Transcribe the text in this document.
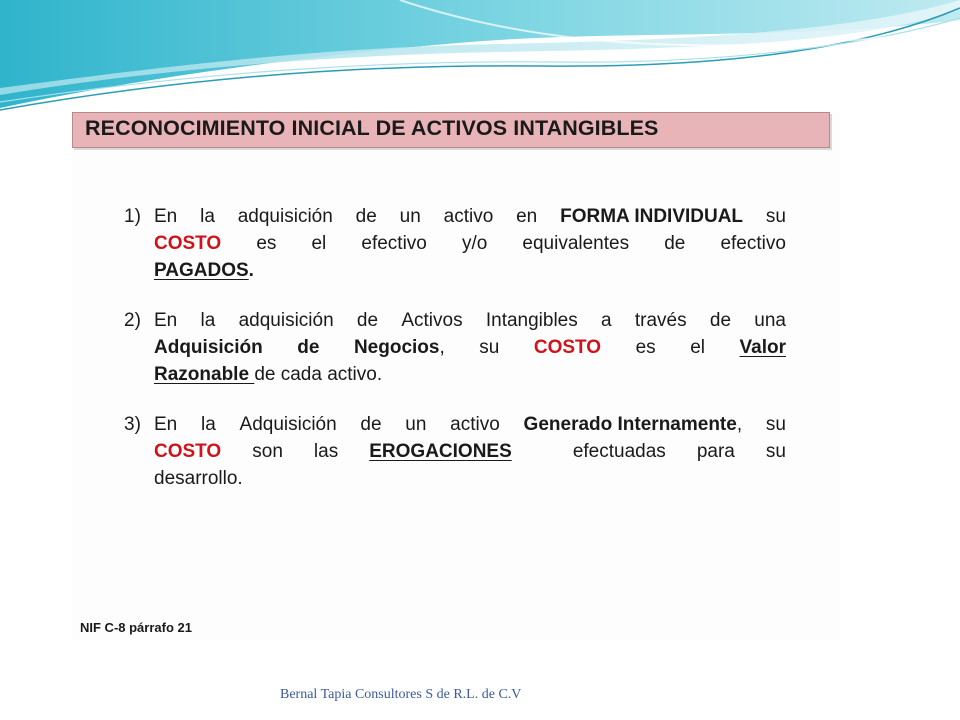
RECONOCIMIENTO INICIAL DE ACTIVOS INTANGIBLES
1) En la adquisición de un activo en FORMA INDIVIDUAL su
COSTO es el efectivo y/o equivalentes de efectivo
PAGADOS.
2) En la adquisición de Activos Intangibles a través de una
Adquisición de Negocios, su COSTO es el Valor
Razonable de cada activo.
3) En la Adquisición de un activo Generado Internamente, su
COSTO son las EROGACIONES	efectuadas para su
desarrollo.
NIF C-8 párrafo 21
Bernal Tapia Consultores S de R.L. de C.V
